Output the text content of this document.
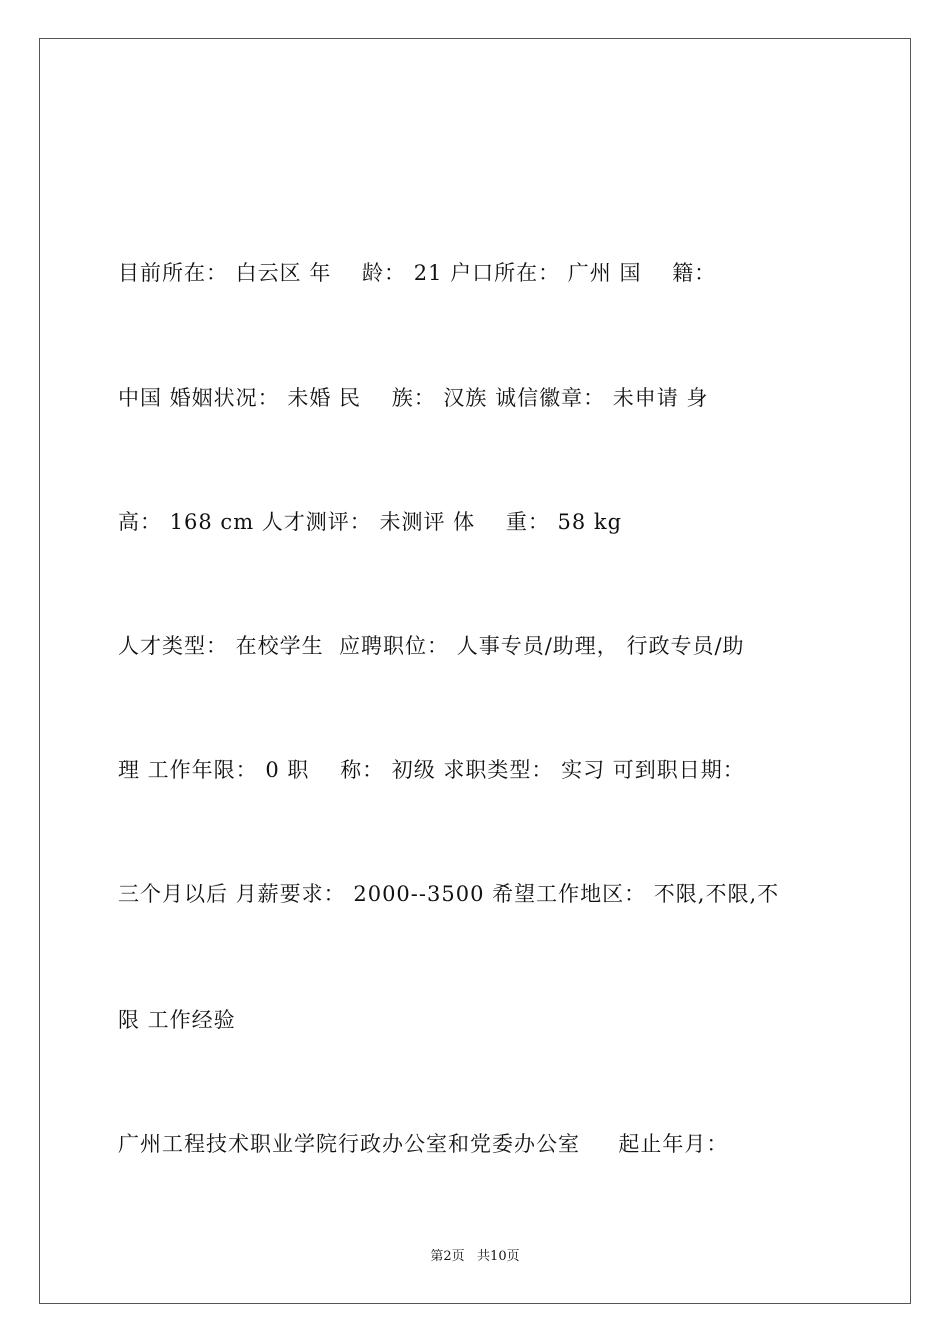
目前所在： 白云区 年    龄： 21 户口所在： 广州 国    籍：
中国 婚姻状况： 未婚 民    族： 汉族 诚信徽章： 未申请 身
高： 168 cm 人才测评： 未测评 体    重： 58 kg
人才类型： 在校学生  应聘职位： 人事专员/助理， 行政专员/助
理 工作年限： 0 职    称： 初级 求职类型： 实习 可到职日期：
三个月以后 月薪要求： 2000--3500 希望工作地区： 不限,不限,不
限 工作经验
广州工程技术职业学院行政办公室和党委办公室     起止年月：
第2页   共10页
